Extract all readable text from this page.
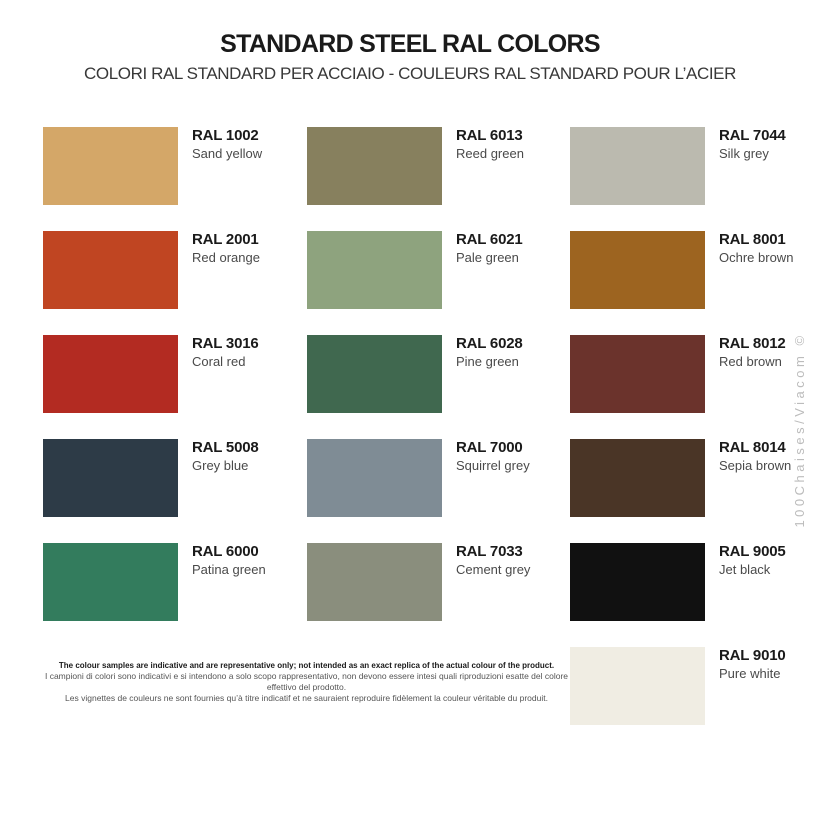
STANDARD STEEL RAL COLORS
COLORI RAL STANDARD PER ACCIAIO - COULEURS RAL STANDARD POUR L’ACIER
RAL 1002
Sand yellow
RAL 6013
Reed green
RAL 7044
Silk grey
RAL 2001
Red orange
RAL 6021
Pale green
RAL 8001
Ochre brown
RAL 3016
Coral red
RAL 6028
Pine green
RAL 8012
Red brown
RAL 5008
Grey blue
RAL 7000
Squirrel grey
RAL 8014
Sepia brown
RAL 6000
Patina green
RAL 7033
Cement grey
RAL 9005
Jet black
The colour samples are indicative and are representative only; not intended as an exact replica of the actual colour of the product.
I campioni di colori sono indicativi e si intendono a solo scopo rappresentativo, non devono essere intesi quali riproduzioni esatte del colore effettivo del prodotto.
Les vignettes de couleurs ne sont fournies qu’à titre indicatif et ne sauraient reproduire fidèlement la couleur véritable du produit.
RAL 9010
Pure white
100Chaises/Viacom ©
